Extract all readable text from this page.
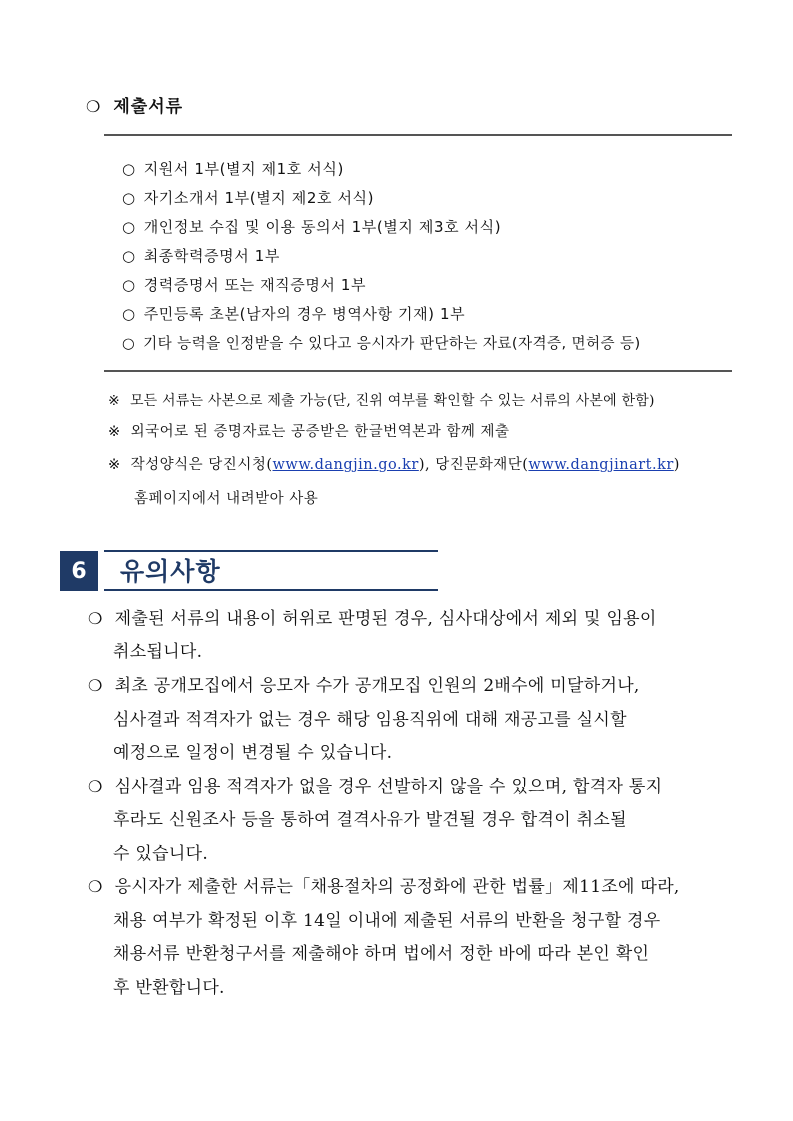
❍ 제출서류
○ 지원서 1부(별지 제1호 서식)
○ 자기소개서 1부(별지 제2호 서식)
○ 개인정보 수집 및 이용 동의서 1부(별지 제3호 서식)
○ 최종학력증명서 1부
○ 경력증명서 또는 재직증명서 1부
○ 주민등록 초본(남자의 경우 병역사항 기재) 1부
○ 기타 능력을 인정받을 수 있다고 응시자가 판단하는 자료(자격증, 면허증 등)
※ 모든 서류는 사본으로 제출 가능(단, 진위 여부를 확인할 수 있는 서류의 사본에 한함)
※ 외국어로 된 증명자료는 공증받은 한글번역본과 함께 제출
※ 작성양식은 당진시청(www.dangjin.go.kr), 당진문화재단(www.dangjinart.kr)
홈페이지에서 내려받아 사용
6	유의사항
❍ 제출된 서류의 내용이 허위로 판명된 경우, 심사대상에서 제외 및 임용이
취소됩니다.
❍ 최초 공개모집에서 응모자 수가 공개모집 인원의 2배수에 미달하거나,
심사결과 적격자가 없는 경우 해당 임용직위에 대해 재공고를 실시할
예정으로 일정이 변경될 수 있습니다.
❍ 심사결과 임용 적격자가 없을 경우 선발하지 않을 수 있으며, 합격자 통지
후라도 신원조사 등을 통하여 결격사유가 발견될 경우 합격이 취소될
수 있습니다.
❍ 응시자가 제출한 서류는「채용절차의 공정화에 관한 법률」제11조에 따라,
채용 여부가 확정된 이후 14일 이내에 제출된 서류의 반환을 청구할 경우
채용서류 반환청구서를 제출해야 하며 법에서 정한 바에 따라 본인 확인
후 반환합니다.
